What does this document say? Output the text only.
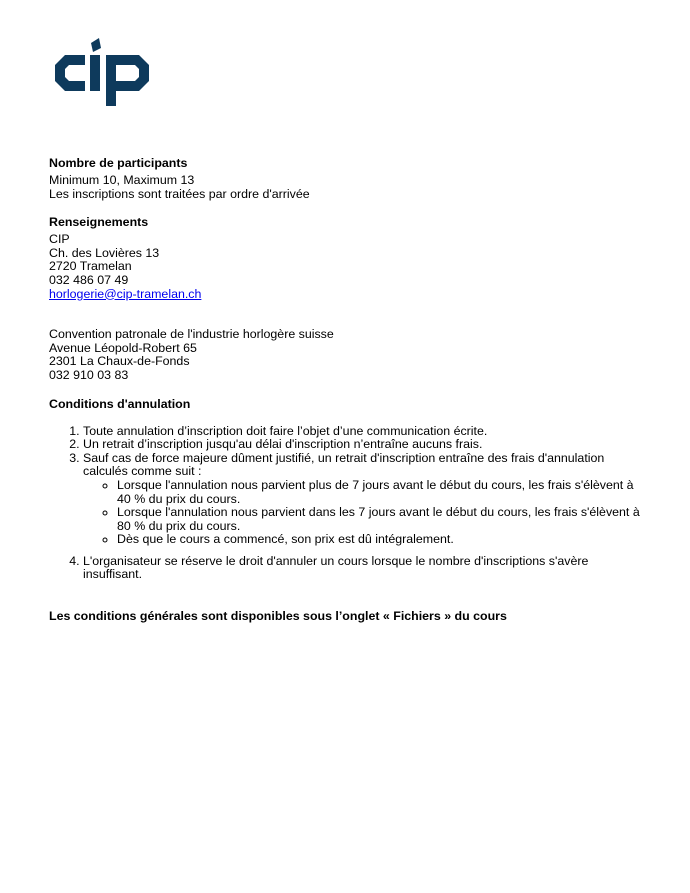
Nombre de participants

Minimum 10, Maximum 13
Les inscriptions sont traitées par ordre d'arrivée

Renseignements

CIP
Ch. des Lovières 13
2720 Tramelan
032 486 07 49
horlogerie@cip-tramelan.ch
Convention patronale de l'industrie horlogère suisse
Avenue Léopold-Robert 65
2301 La Chaux-de-Fonds
032 910 03 83

Conditions d'annulation

1. Toute annulation d’inscription doit faire l’objet d’une communication écrite.
2. Un retrait d’inscription jusqu'au délai d'inscription n’entraîne aucuns frais.
3. Sauf cas de force majeure dûment justifié, un retrait d'inscription entraîne des frais d'annulation calculés comme suit :
◦ Lorsque l'annulation nous parvient plus de 7 jours avant le début du cours, les frais s'élèvent à 40 % du prix du cours.
◦ Lorsque l'annulation nous parvient dans les 7 jours avant le début du cours, les frais s'élèvent à 80 % du prix du cours.
◦ Dès que le cours a commencé, son prix est dû intégralement.
4. L'organisateur se réserve le droit d'annuler un cours lorsque le nombre d'inscriptions s'avère insuffisant.

Les conditions générales sont disponibles sous l’onglet « Fichiers » du cours
